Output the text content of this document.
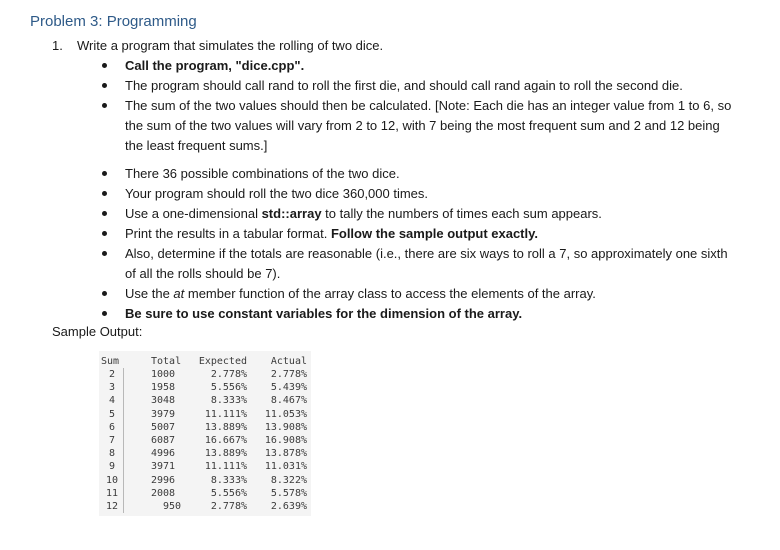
Problem 3: Programming
1. Write a program that simulates the rolling of two dice.
Call the program, "dice.cpp".
The program should call rand to roll the first die, and should call rand again to roll the second die.
The sum of the two values should then be calculated. [Note: Each die has an integer value from 1 to 6, so the sum of the two values will vary from 2 to 12, with 7 being the most frequent sum and 2 and 12 being the least frequent sums.]
There 36 possible combinations of the two dice.
Your program should roll the two dice 360,000 times.
Use a one-dimensional std::array to tally the numbers of times each sum appears.
Print the results in a tabular format. Follow the sample output exactly.
Also, determine if the totals are reasonable (i.e., there are six ways to roll a 7, so approximately one sixth of all the rolls should be 7).
Use the at member function of the array class to access the elements of the array.
Be sure to use constant variables for the dimension of the array.
Sample Output:
Sum
2
3
4
5
6
7
8
9
10
11
12
Total
1000
1958
3048
3979
5007
6087
4996
3971
2996
2008
950
Expected
2.778%
5.556%
8.333%
11.111%
13.889%
16.667%
13.889%
11.111%
8.333%
5.556%
2.778%
Actual
2.778%
5.439%
8.467%
11.053%
13.908%
16.908%
13.878%
11.031%
8.322%
5.578%
2.639%
